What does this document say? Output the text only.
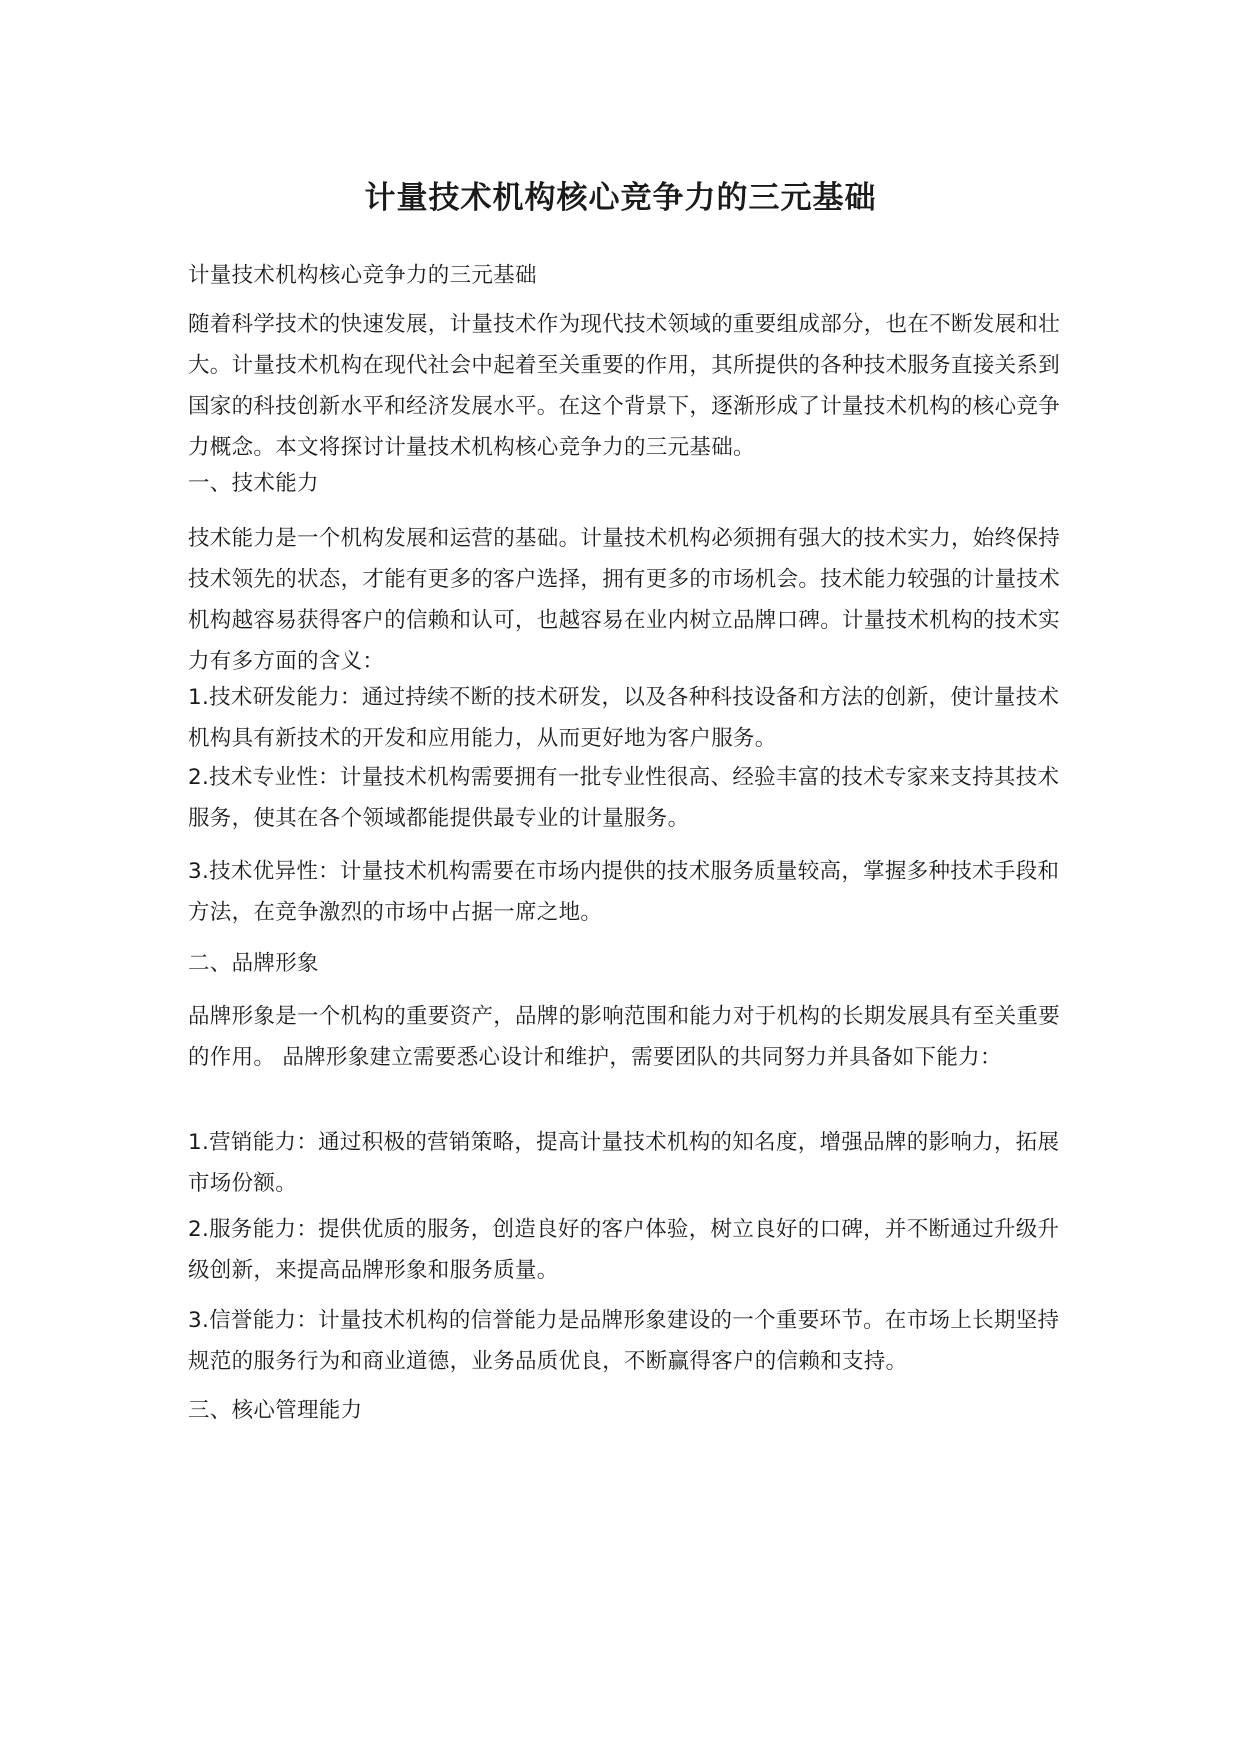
计量技术机构核心竞争力的三元基础

计量技术机构核心竞争力的三元基础

随着科学技术的快速发展，计量技术作为现代技术领域的重要组成部分，也在不断发展和壮大。计量技术机构在现代社会中起着至关重要的作用，其所提供的各种技术服务直接关系到国家的科技创新水平和经济发展水平。在这个背景下，逐渐形成了计量技术机构的核心竞争力概念。本文将探讨计量技术机构核心竞争力的三元基础。

一、技术能力

技术能力是一个机构发展和运营的基础。计量技术机构必须拥有强大的技术实力，始终保持技术领先的状态，才能有更多的客户选择，拥有更多的市场机会。技术能力较强的计量技术机构越容易获得客户的信赖和认可，也越容易在业内树立品牌口碑。计量技术机构的技术实力有多方面的含义：

1.技术研发能力：通过持续不断的技术研发，以及各种科技设备和方法的创新，使计量技术机构具有新技术的开发和应用能力，从而更好地为客户服务。

2.技术专业性：计量技术机构需要拥有一批专业性很高、经验丰富的技术专家来支持其技术服务，使其在各个领域都能提供最专业的计量服务。

3.技术优异性：计量技术机构需要在市场内提供的技术服务质量较高，掌握多种技术手段和方法，在竞争激烈的市场中占据一席之地。

二、品牌形象

品牌形象是一个机构的重要资产，品牌的影响范围和能力对于机构的长期发展具有至关重要的作用。 品牌形象建立需要悉心设计和维护，需要团队的共同努力并具备如下能力：

1.营销能力：通过积极的营销策略，提高计量技术机构的知名度，增强品牌的影响力，拓展市场份额。

2.服务能力：提供优质的服务，创造良好的客户体验，树立良好的口碑，并不断通过升级升级创新，来提高品牌形象和服务质量。

3.信誉能力：计量技术机构的信誉能力是品牌形象建设的一个重要环节。在市场上长期坚持规范的服务行为和商业道德，业务品质优良，不断赢得客户的信赖和支持。

三、核心管理能力
